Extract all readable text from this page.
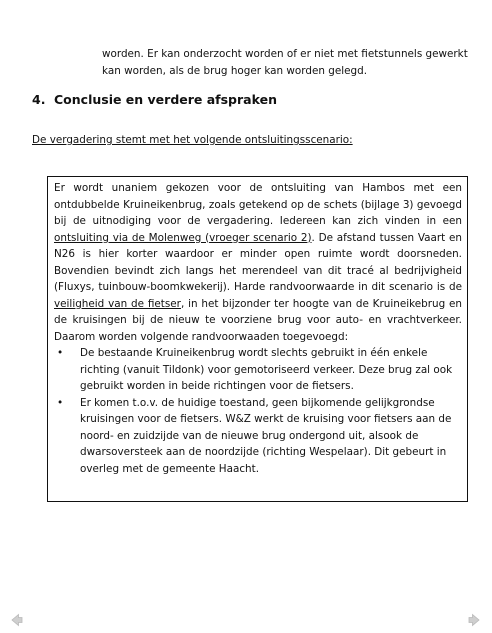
worden. Er kan onderzocht worden of er niet met fietstunnels gewerkt kan worden, als de brug hoger kan worden gelegd.
4. Conclusie en verdere afspraken
De vergadering stemt met het volgende ontsluitingsscenario:

Er wordt unaniem gekozen voor de ontsluiting van Hambos met een ontdubbelde Kruineikenbrug, zoals getekend op de schets (bijlage 3) gevoegd bij de uitnodiging voor de vergadering. Iedereen kan zich vinden in een ontsluiting via de Molenweg (vroeger scenario 2). De afstand tussen Vaart en N26 is hier korter waardoor er minder open ruimte wordt doorsneden. Bovendien bevindt zich langs het merendeel van dit tracé al bedrijvigheid (Fluxys, tuinbouw-boomkwekerij). Harde randvoorwaarde in dit scenario is de veiligheid van de fietser, in het bijzonder ter hoogte van de Kruineikebrug en de kruisingen bij de nieuw te voorziene brug voor auto- en vrachtverkeer. Daarom worden volgende randvoorwaaden toegevoegd:

• De bestaande Kruineikenbrug wordt slechts gebruikt in één enkele richting (vanuit Tildonk) voor gemotoriseerd verkeer. Deze brug zal ook gebruikt worden in beide richtingen voor de fietsers.
• Er komen t.o.v. de huidige toestand, geen bijkomende gelijkgrondse kruisingen voor de fietsers. W&Z werkt de kruising voor fietsers aan de noord- en zuidzijde van de nieuwe brug ondergond uit, alsook de dwarsoversteek aan de noordzijde (richting Wespelaar). Dit gebeurt in overleg met de gemeente Haacht.
